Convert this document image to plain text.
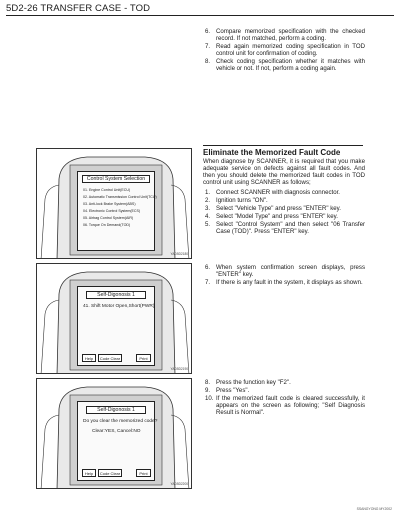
5D2-26 TRANSFER CASE - TOD
6. Compare memorized specification with the checked record. If not matched, perform a coding.
7. Read again memorized coding specification in TOD control unit for confirmation of coding.
8. Check coding specification whether it matches with vehicle or not. If not, perform a coding again.
Eliminate the Memorized Fault Code
When diagnose by SCANNER, it is required that you make adequate service on defects against all fault codes. And then you should delete the memorized fault codes in TOD control unit using SCANNER as follows;
1. Connect SCANNER with diagnosis connector.
2. Ignition turns "ON".
3. Select "Vehicle Type" and press "ENTER" key.
4. Select "Model Type" and press "ENTER" key.
5. Select "Control System" and then select "06 Transfer Case (TOD)". Press "ENTER" key.
6. When system confirmation screen displays, press "ENTER" key.
7. If there is any fault in the system, it displays as shown.
8. Press the function key "F2".
9. Press "Yes".
10. If the memorized fault code is cleared successfully, it appears on the screen as following; "Self Diagnosis Result is Normal".
Control System Selection
01. Engine Control Unit(ECU)
02. Automatic Transmission Control Unit(TCU)
03. Anti-lock Brake System(ABS)
04. Electronic Control System(ECS)
05. Airbag Control System(AIR)
06. Torque On Demand(TOD)
YAD5D2180
Self-Digonosis 1
41. Shift Motor Open,Short(PWR)
Help	Code Clear	Print
YAD5D2190
Self-Digonosis 1
Do you clear the memorized code?
Clear:YES, Cancel:NO
Help	Code Clear	Print
YAD5D2200
SSANGYONG MY2002
